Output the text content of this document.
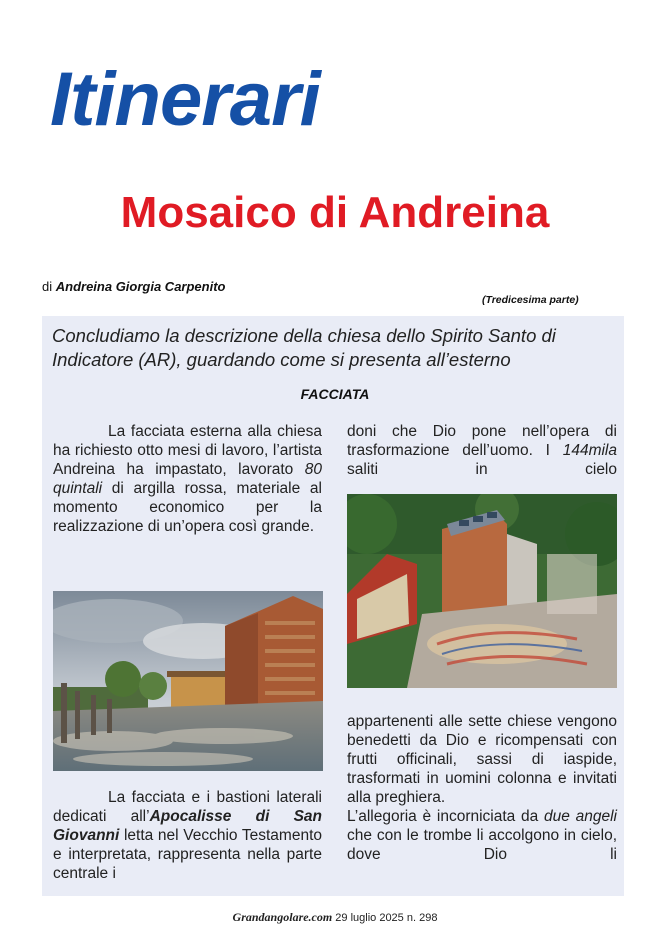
Itinerari
Mosaico di Andreina
di Andreina Giorgia Carpenito
(Tredicesima parte)

Concludiamo la descrizione della chiesa dello Spirito Santo di Indicatore (AR), guardando come si presenta all’esterno

FACCIATA

La facciata esterna alla chiesa ha richiesto otto mesi di lavoro, l’artista Andreina ha impastato, lavorato 80 quintali di argilla rossa, materiale al momento economico per la realizzazione di un’opera così grande.

La facciata e i bastioni laterali dedicati all’Apocalisse di San Giovanni letta nel Vecchio Testamento e interpretata, rappresenta nella parte centrale i

doni che Dio pone nell’opera di trasformazione dell’uomo. I 144mila saliti in cielo

appartenenti alle sette chiese vengono benedetti da Dio e ricompensati con frutti officinali, sassi di iaspide, trasformati in uomini colonna e invitati alla preghiera.

L’allegoria è incorniciata da due angeli che con le trombe li accolgono in cielo, dove Dio li

Grandangolare.com 29 luglio 2025 n. 298
